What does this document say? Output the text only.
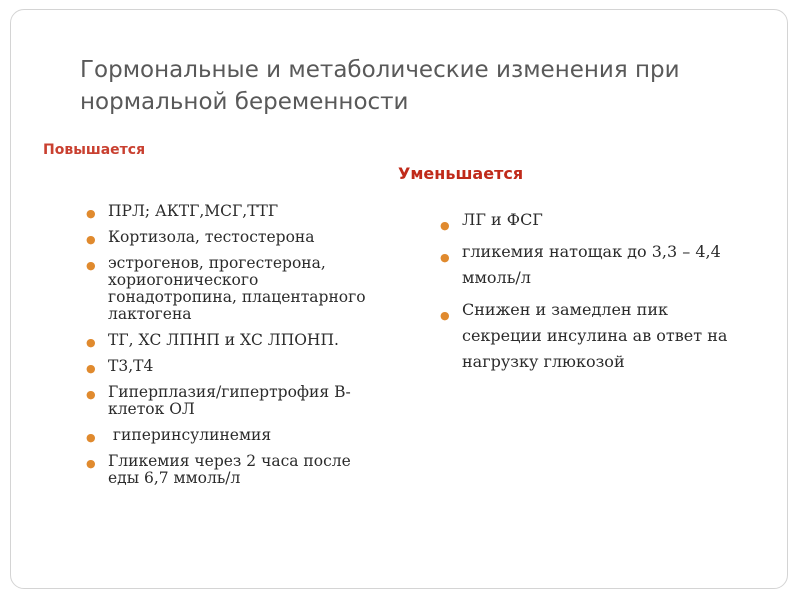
Гормональные и метаболические изменения при нормальной беременности
Повышается
Уменьшается
● ПРЛ; АКТГ,МСГ,ТТГ
● Кортизола, тестостерона
● эстрогенов, прогестерона, хориогонического гонадотропина, плацентарного лактогена
● ТГ, ХС ЛПНП и ХС ЛПОНП.
● Т3,Т4
● Гиперплазия/гипертрофия В-клеток ОЛ
● гиперинсулинемия
● Гликемия через 2 часа после еды 6,7 ммоль/л
● ЛГ и ФСГ
● гликемия натощак до 3,3 – 4,4 ммоль/л
● Снижен и замедлен пик секреции инсулина ав ответ на нагрузку глюкозой
